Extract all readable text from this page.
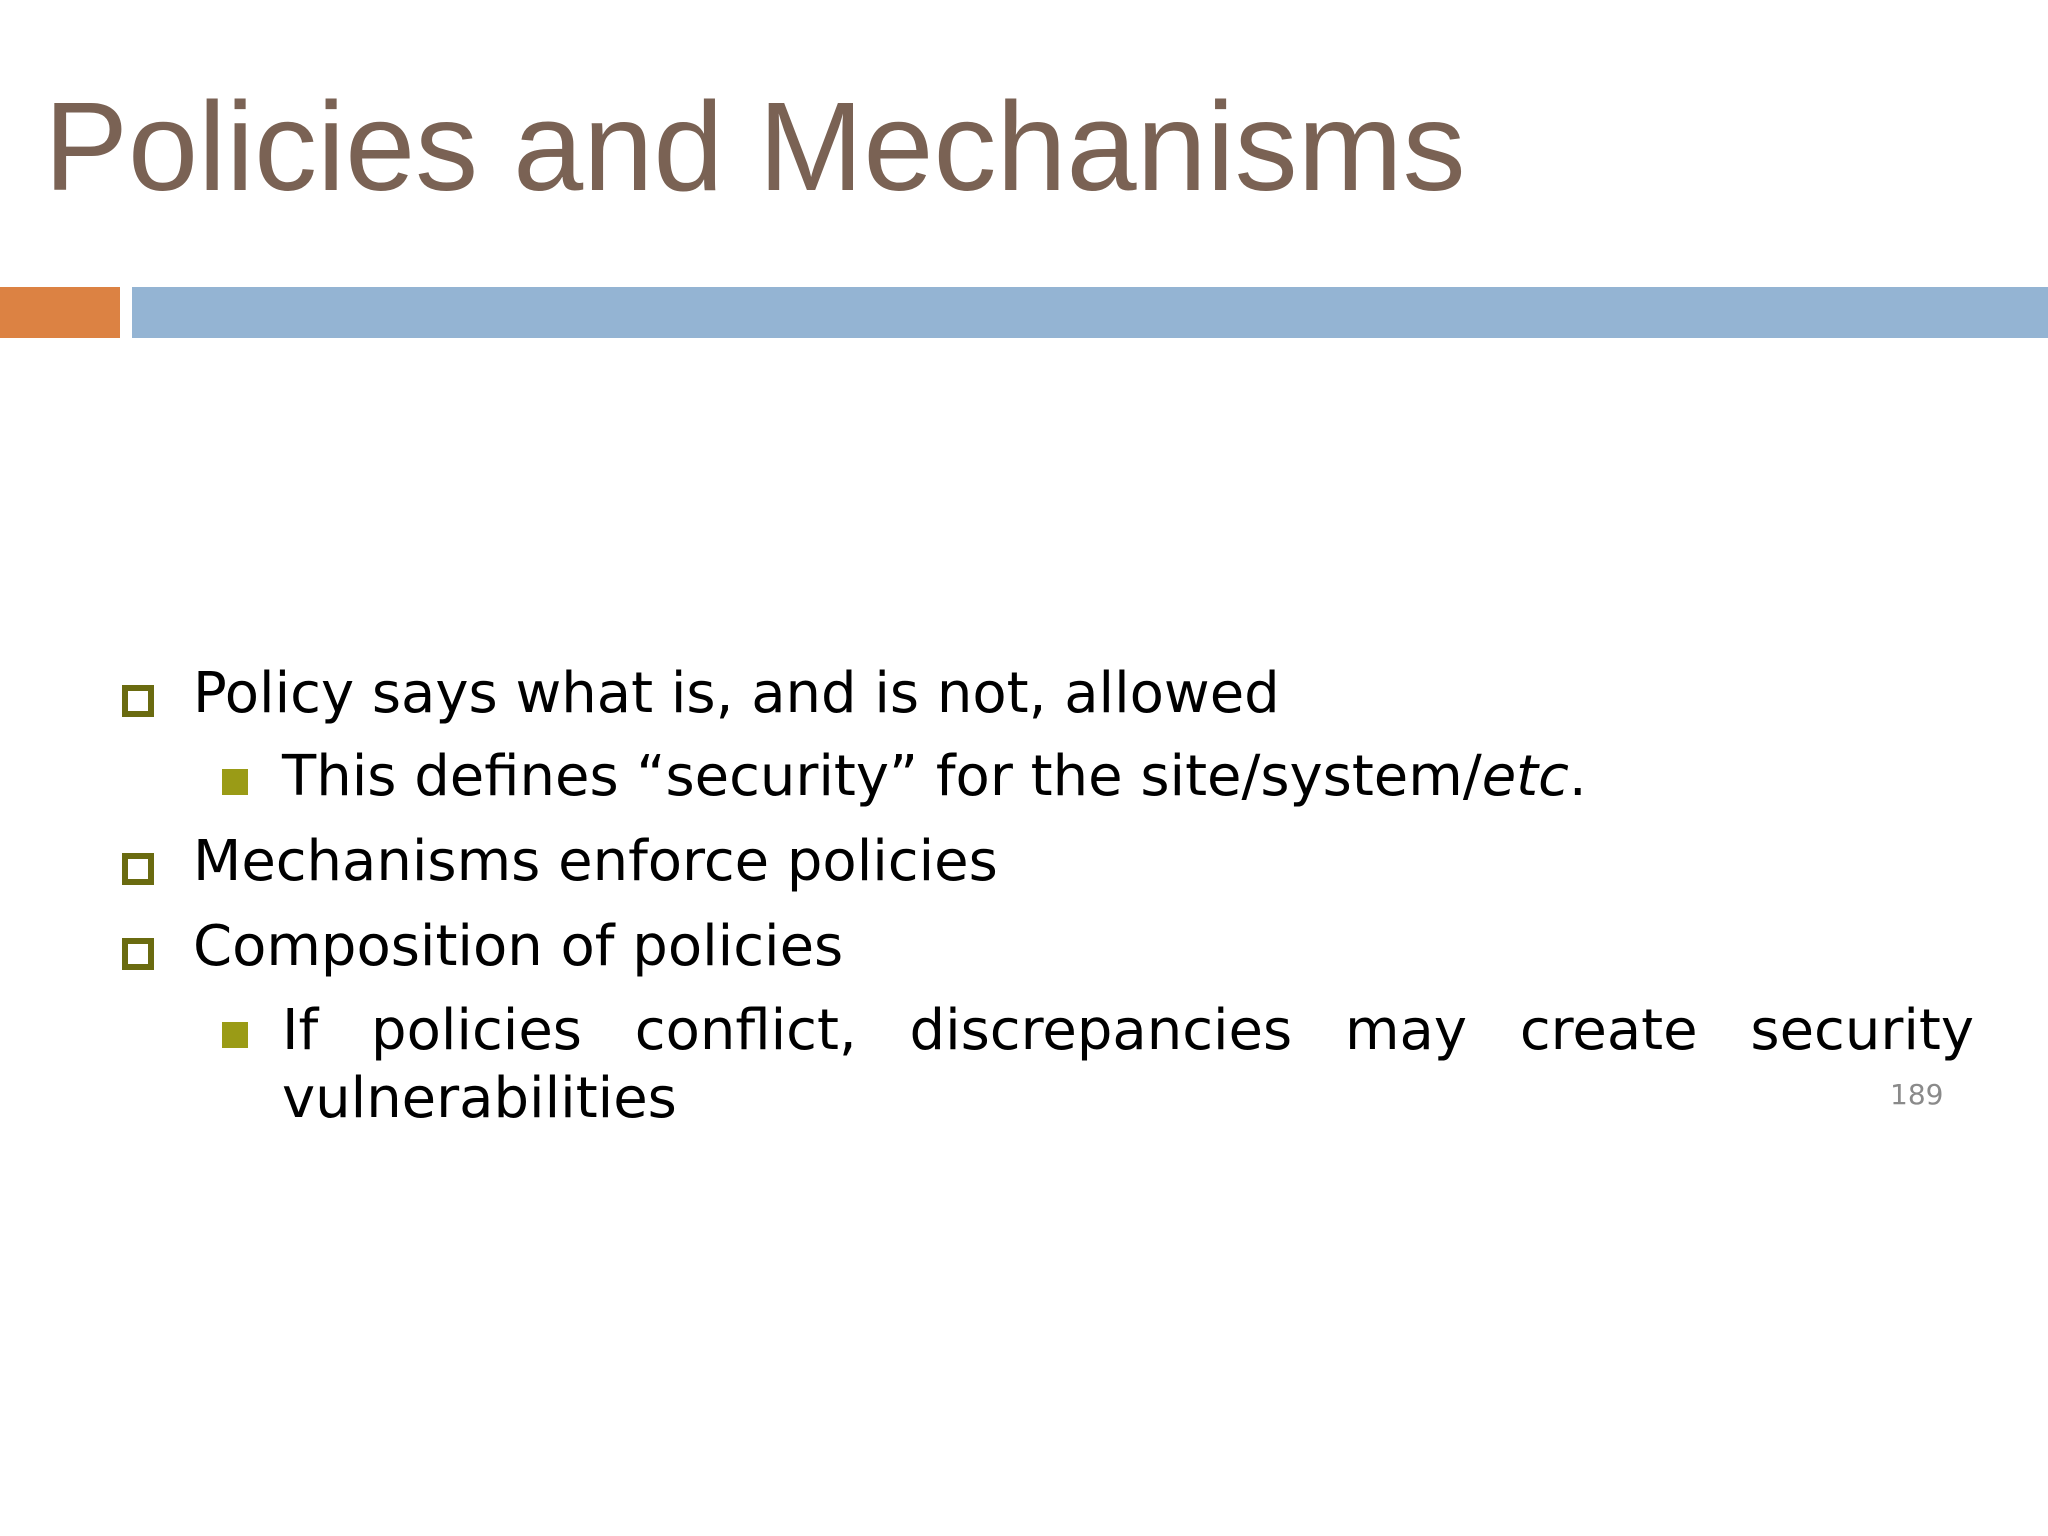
Policies and Mechanisms
Policy says what is, and is not, allowed
This defines “security” for the site/system/etc.
Mechanisms enforce policies
Composition of policies
If policies conflict, discrepancies may create security
vulnerabilities	189
